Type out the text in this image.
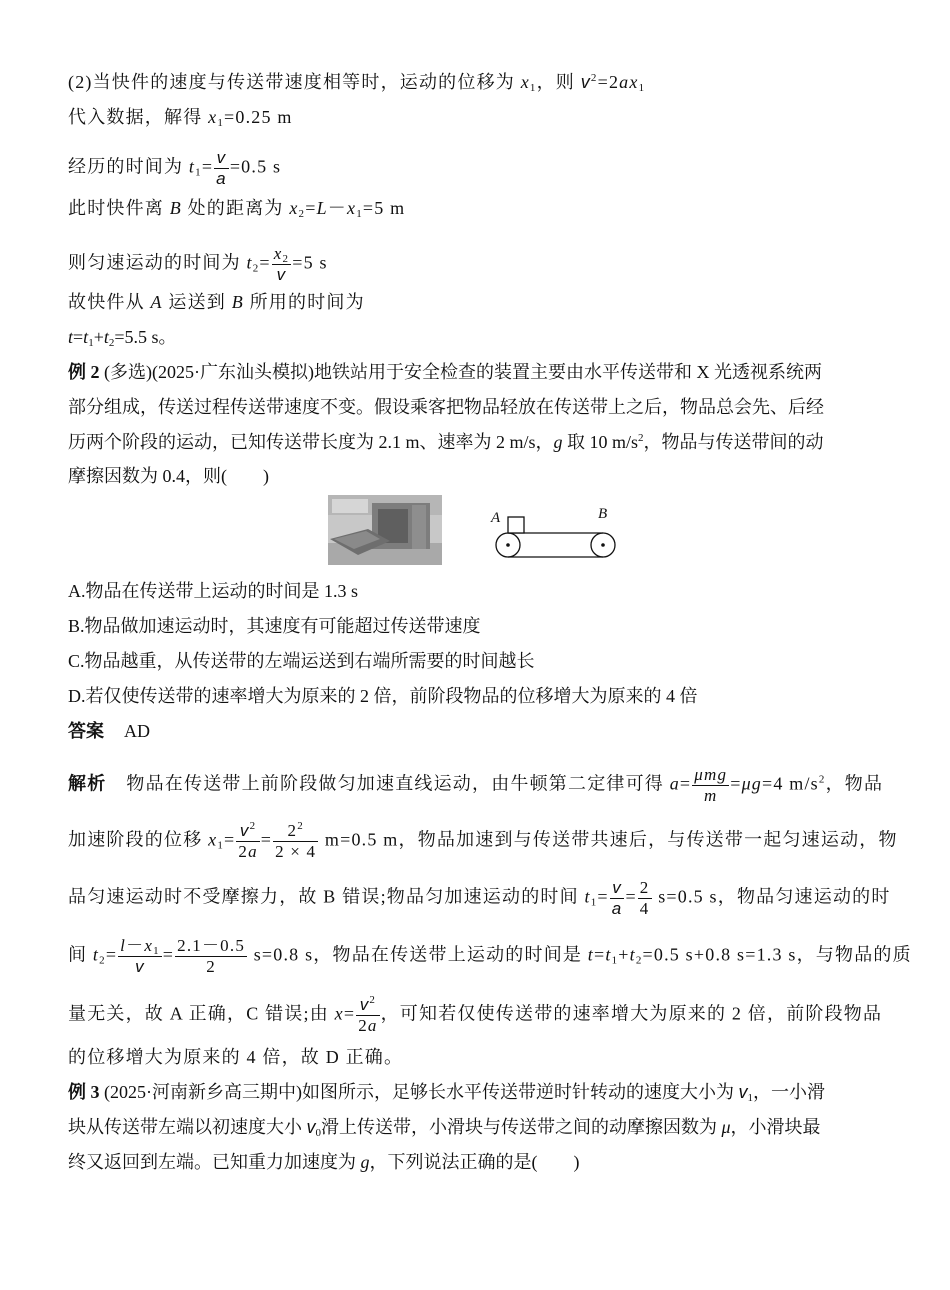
(2)当快件的速度与传送带速度相等时，运动的位移为 $x_1$，则 $v^2=2ax_1$
代入数据，解得 $x_1=0.25$ m
经历的时间为 $t_1= \frac{v}{a} =0.5$ s
此时快件离 B 处的距离为 $x_2=L-x_1=5$ m
则匀速运动的时间为 $t_2= \frac{x_2}{v} =5$ s
故快件从 A 运送到 B 所用的时间为
$t=t_1+t_2=5.5$ s。
例 2 (多选)(2025·广东汕头模拟)地铁站用于安全检查的装置主要由水平传送带和 X 光透视系统两
部分组成，传送过程传送带速度不变。假设乘客把物品轻放在传送带上之后，物品总会先、后经
历两个阶段的运动，已知传送带长度为 2.1 m、速率为 2 m/s，g 取 10 $m/s^2$，物品与传送带间的动
摩擦因数为 0.4，则(　　)
A	B
A.物品在传送带上运动的时间是 1.3 s
B.物品做加速运动时，其速度有可能超过传送带速度
C.物品越重，从传送带的左端运送到右端所需要的时间越长
D.若仅使传送带的速率增大为原来的 2 倍，前阶段物品的位移增大为原来的 4 倍
答案 AD
解析 物品在传送带上前阶段做匀加速直线运动，由牛顿第二定律可得 $a= \frac{\text{μmg}}{m} =\mu g=4$ $m/s^2$，物品
加速阶段的位移 $x_1= \frac{v^2}{2a} = \frac{2^2}{2 \times 4} m=0.5$ m，物品加速到与传送带共速后，与传送带一起匀速运动，物
品匀速运动时不受摩擦力，故 B 错误;物品匀加速运动的时间 $t_1= \frac{v}{a} = \frac{2}{4} s=0.5$ s，物品匀速运动的时
间 $t_2= \frac{l-x_1}{v} = \frac{2.1-0.5}{2} s=0.8$ s，物品在传送带上运动的时间是 $t=t_1+t_2=0.5$ s+0.8 s=1.3 s，与物品的质
量无关，故 A 正确，C 错误;由 $x= \frac{v^2}{2a}$ ，可知若仅使传送带的速率增大为原来的 2 倍，前阶段物品
的位移增大为原来的 4 倍，故 D 正确。
例 3 (2025·河南新乡高三期中)如图所示，足够长水平传送带逆时针转动的速度大小为 $v_1$，一小滑
块从传送带左端以初速度大小 $v_0$滑上传送带，小滑块与传送带之间的动摩擦因数为 μ，小滑块最
终又返回到左端。已知重力加速度为 g，下列说法正确的是(　　)
